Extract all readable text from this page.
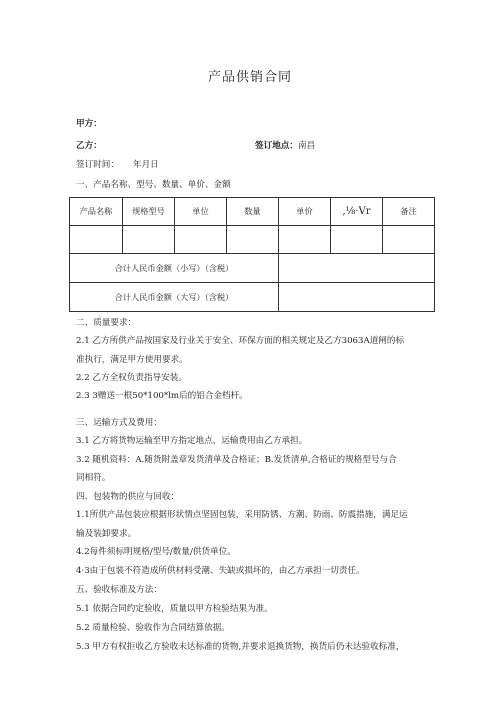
产品供销合同
甲方：
乙方：	签订地点：南昌
签订时间： 年月日
一、产品名称、型号、数量、单价、金额
产品名称	规格型号	单位	数量	单价	,⅛·Vr	备注

合计人民币金额（小写）（含税）						
合计人民币金额（大写）（含税）						
二、质量要求：
2.1 乙方所供产品按国家及行业关于安全、环保方面的相关规定及乙方3063A道闸的标
准执行，满足甲方使用要求。
2.2 乙方全权负责指导安装。
2.3 3赠送一根50*100*lm后的铝合金档杆。
三、运输方式及费用：
3.1 乙方将货物运输至甲方指定地点，运输费用由乙方承担。
3.2 随机资料：A.随货附盖章发货清单及合格证；B.发货清单,合格证的规格型号与合
同相符。
四、包装物的供应与回收：
1.1所供产品包装应根据形状情点坚固包装，采用防锈、方潮、防雨、防震措施，满足运
输及装卸要求。
4.2每件须标明规格/型号/数量/供货单位。
4·3由于包装不符造成所供材料受潮、失缺或损坏的，由乙方承担一切责任。
五、验收标准及方法：
5.1 依据合同约定验收，质量以甲方检验结果为准。
5.2 质量检验、验收作为合同结算依据。
5.3 甲方有权拒收乙方验收未达标准的货物,并要求退换货物，换货后仍未达验收标准，
